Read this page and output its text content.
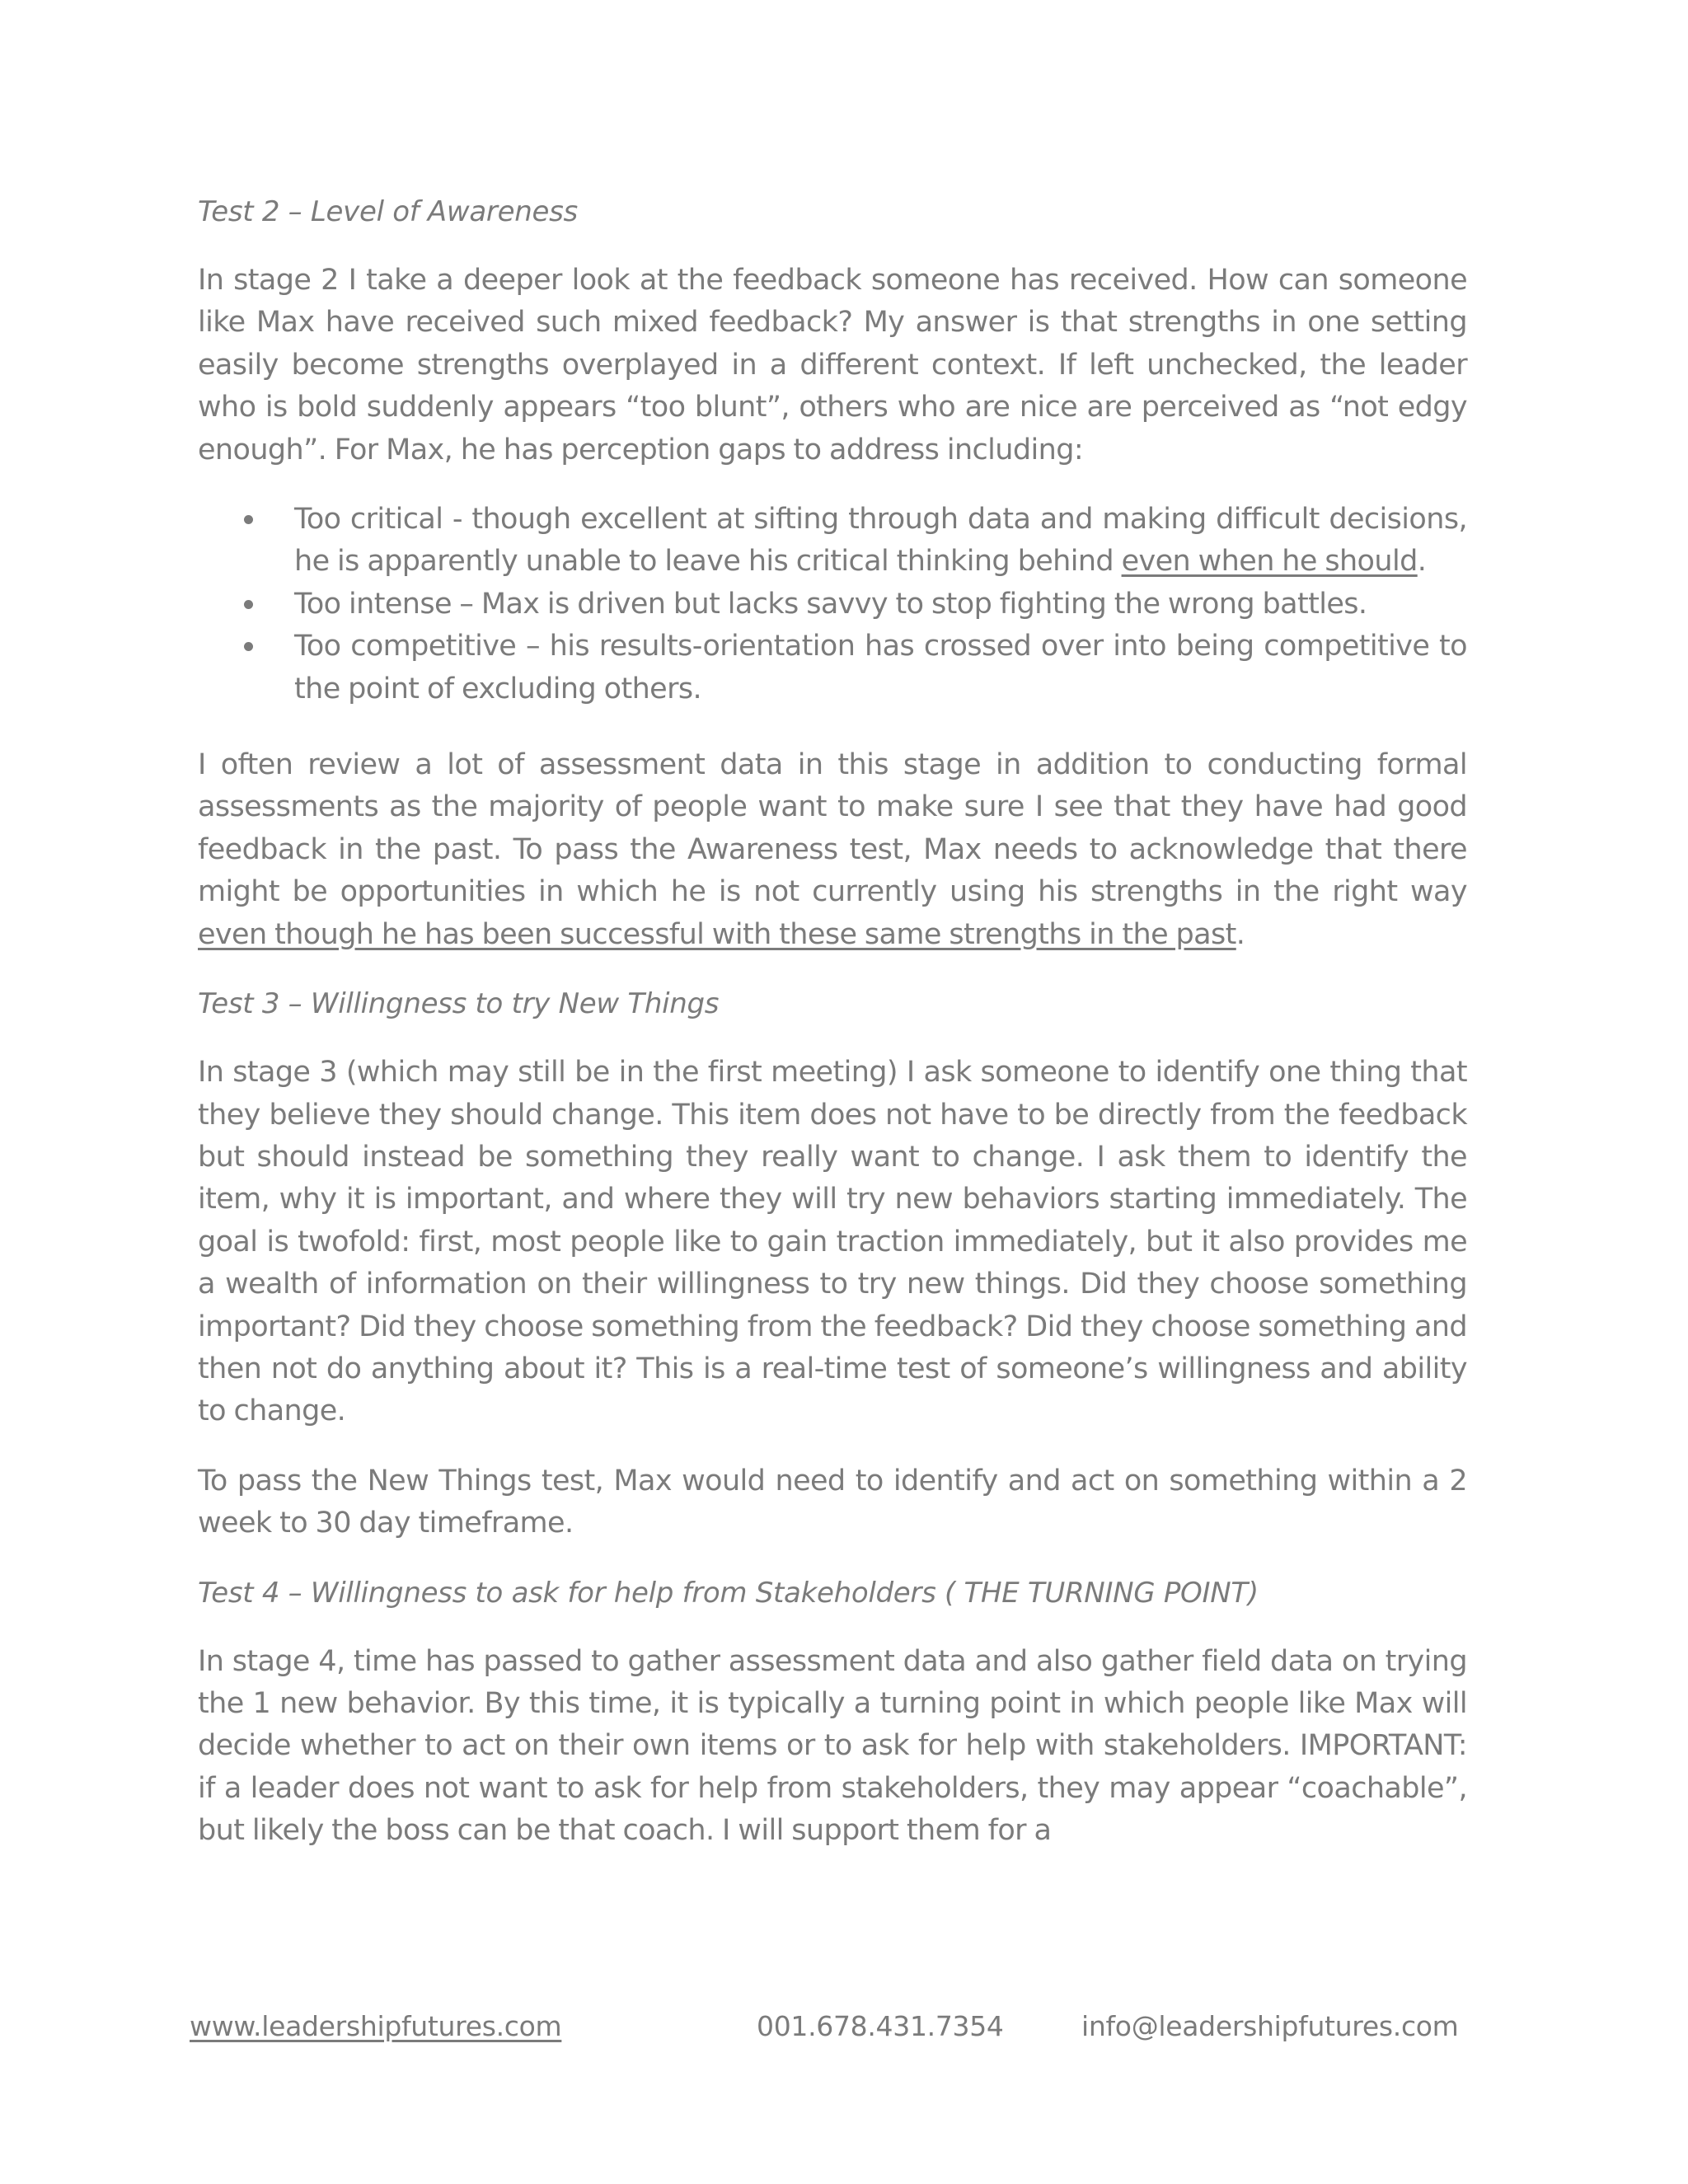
Test 2 – Level of Awareness

In stage 2 I take a deeper look at the feedback someone has received. How can someone like Max have received such mixed feedback? My answer is that strengths in one setting easily become strengths overplayed in a different context. If left unchecked, the leader who is bold suddenly appears “too blunt”, others who are nice are perceived as “not edgy enough”. For Max, he has perception gaps to address including:

Too critical - though excellent at sifting through data and making difficult decisions, he is apparently unable to leave his critical thinking behind even when he should.
Too intense – Max is driven but lacks savvy to stop fighting the wrong battles.
Too competitive – his results-orientation has crossed over into being competitive to the point of excluding others.

I often review a lot of assessment data in this stage in addition to conducting formal assessments as the majority of people want to make sure I see that they have had good feedback in the past. To pass the Awareness test, Max needs to acknowledge that there might be opportunities in which he is not currently using his strengths in the right way even though he has been successful with these same strengths in the past.

Test 3 – Willingness to try New Things

In stage 3 (which may still be in the first meeting) I ask someone to identify one thing that they believe they should change. This item does not have to be directly from the feedback but should instead be something they really want to change. I ask them to identify the item, why it is important, and where they will try new behaviors starting immediately. The goal is twofold: first, most people like to gain traction immediately, but it also provides me a wealth of information on their willingness to try new things. Did they choose something important? Did they choose something from the feedback? Did they choose something and then not do anything about it? This is a real-time test of someone’s willingness and ability to change.

To pass the New Things test, Max would need to identify and act on something within a 2 week to 30 day timeframe.

Test 4 – Willingness to ask for help from Stakeholders ( THE TURNING POINT)

In stage 4, time has passed to gather assessment data and also gather field data on trying the 1 new behavior. By this time, it is typically a turning point in which people like Max will decide whether to act on their own items or to ask for help with stakeholders. IMPORTANT: if a leader does not want to ask for help from stakeholders, they may appear “coachable”, but likely the boss can be that coach. I will support them for a

www.leadershipfutures.com	001.678.431.7354	info@leadershipfutures.com
